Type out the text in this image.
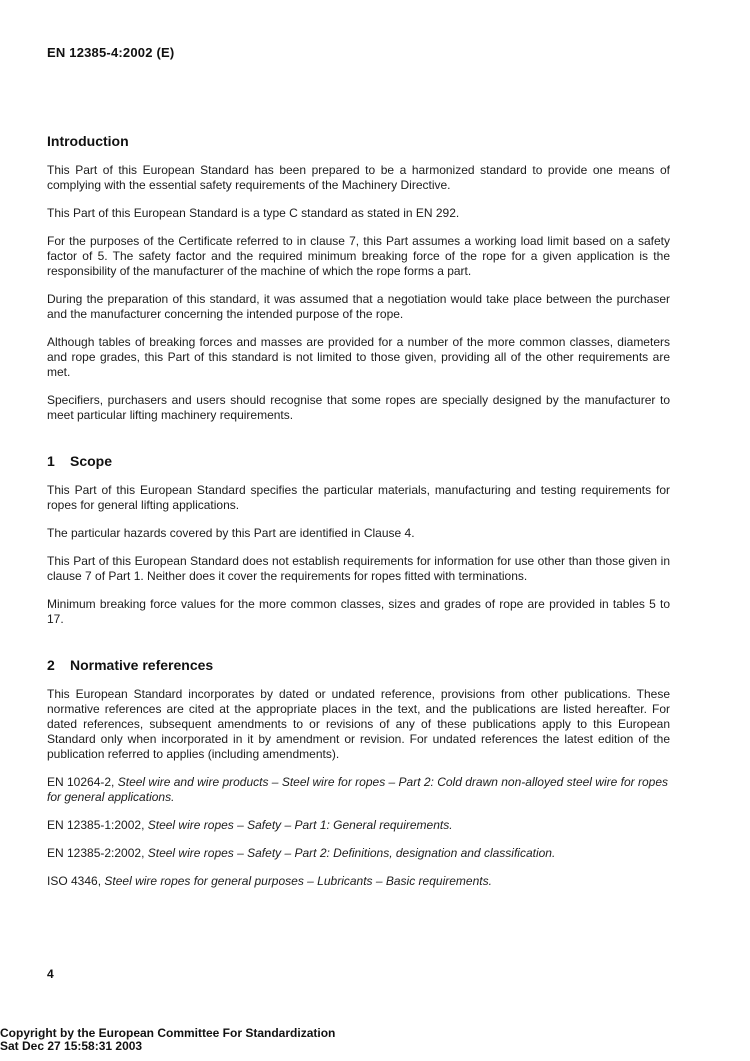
EN 12385-4:2002 (E)
Introduction

This Part of this European Standard has been prepared to be a harmonized standard to provide one means of complying with the essential safety requirements of the Machinery Directive.

This Part of this European Standard is a type C standard as stated in EN 292.

For the purposes of the Certificate referred to in clause 7, this Part assumes a working load limit based on a safety factor of 5. The safety factor and the required minimum breaking force of the rope for a given application is the responsibility of the manufacturer of the machine of which the rope forms a part.

During the preparation of this standard, it was assumed that a negotiation would take place between the purchaser and the manufacturer concerning the intended purpose of the rope.

Although tables of breaking forces and masses are provided for a number of the more common classes, diameters and rope grades, this Part of this standard is not limited to those given, providing all of the other requirements are met.

Specifiers, purchasers and users should recognise that some ropes are specially designed by the manufacturer to meet particular lifting machinery requirements.

1 Scope

This Part of this European Standard specifies the particular materials, manufacturing and testing requirements for ropes for general lifting applications.

The particular hazards covered by this Part are identified in Clause 4.

This Part of this European Standard does not establish requirements for information for use other than those given in clause 7 of Part 1. Neither does it cover the requirements for ropes fitted with terminations.

Minimum breaking force values for the more common classes, sizes and grades of rope are provided in tables 5 to 17.

2 Normative references

This European Standard incorporates by dated or undated reference, provisions from other publications. These normative references are cited at the appropriate places in the text, and the publications are listed hereafter. For dated references, subsequent amendments to or revisions of any of these publications apply to this European Standard only when incorporated in it by amendment or revision. For undated references the latest edition of the publication referred to applies (including amendments).

EN 10264-2, Steel wire and wire products – Steel wire for ropes – Part 2: Cold drawn non-alloyed steel wire for ropes for general applications.

EN 12385-1:2002, Steel wire ropes – Safety – Part 1: General requirements.

EN 12385-2:2002, Steel wire ropes – Safety – Part 2: Definitions, designation and classification.

ISO 4346, Steel wire ropes for general purposes – Lubricants – Basic requirements.

4
Copyright by the European Committee For Standardization
Sat Dec 27 15:58:31 2003
